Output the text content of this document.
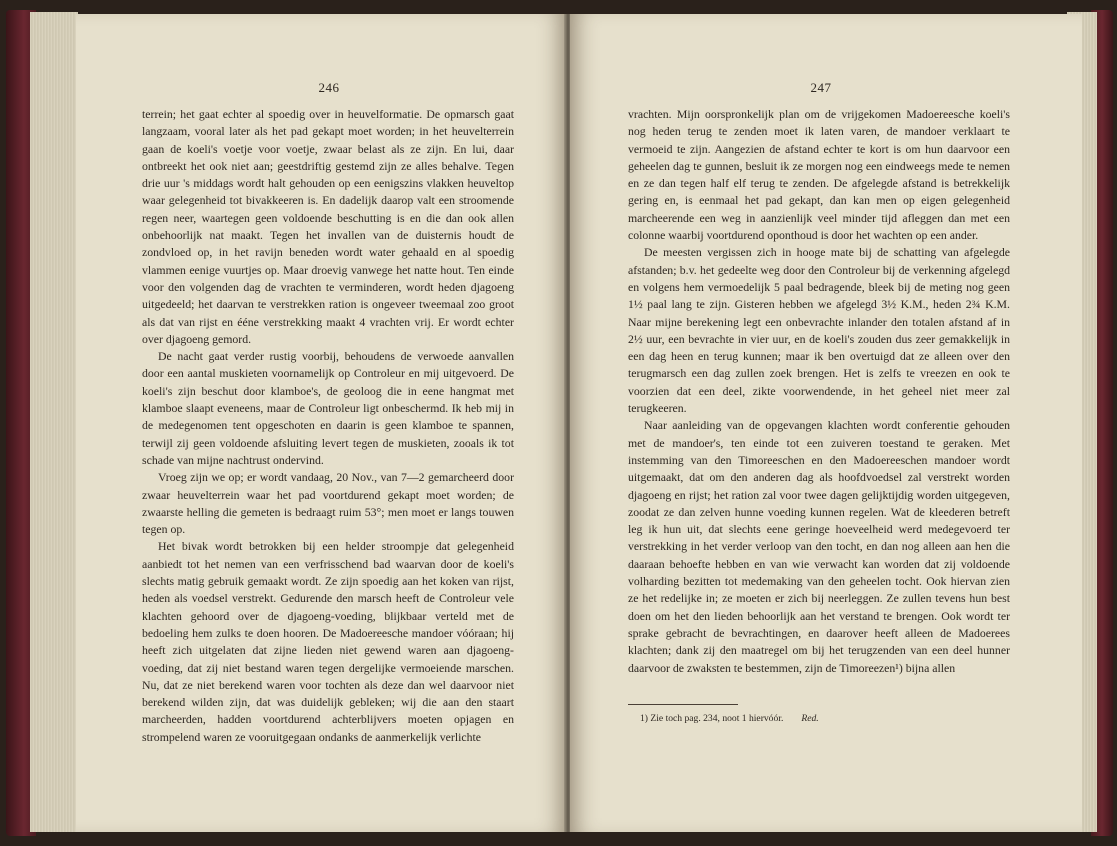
246

terrein; het gaat echter al spoedig over in heuvelformatie. De opmarsch gaat langzaam, vooral later als het pad gekapt moet worden; in het heuvelterrein gaan de koeli's voetje voor voetje, zwaar belast als ze zijn. En lui, daar ontbreekt het ook niet aan; geestdriftig gestemd zijn ze alles behalve. Tegen drie uur 's middags wordt halt gehouden op een eenigszins vlakken heuveltop waar gelegenheid tot bivakkeeren is. En dadelijk daarop valt een stroomende regen neer, waartegen geen voldoende beschutting is en die dan ook allen onbehoorlijk nat maakt. Tegen het invallen van de duisternis houdt de zondvloed op, in het ravijn beneden wordt water gehaald en al spoedig vlammen eenige vuurtjes op. Maar droevig vanwege het natte hout. Ten einde voor den volgenden dag de vrachten te verminderen, wordt heden djagoeng uitgedeeld; het daarvan te verstrekken ration is ongeveer tweemaal zoo groot als dat van rijst en ééne verstrekking maakt 4 vrachten vrij. Er wordt echter over djagoeng gemord.

De nacht gaat verder rustig voorbij, behoudens de verwoede aanvallen door een aantal muskieten voornamelijk op Controleur en mij uitgevoerd. De koeli's zijn beschut door klamboe's, de geoloog die in eene hangmat met klamboe slaapt eveneens, maar de Controleur ligt onbeschermd. Ik heb mij in de medegenomen tent opgeschoten en daarin is geen klamboe te spannen, terwijl zij geen voldoende afsluiting levert tegen de muskieten, zooals ik tot schade van mijne nachtrust ondervind.

Vroeg zijn we op; er wordt vandaag, 20 Nov., van 7—2 gemarcheerd door zwaar heuvelterrein waar het pad voortdurend gekapt moet worden; de zwaarste helling die gemeten is bedraagt ruim 53°; men moet er langs touwen tegen op.

Het bivak wordt betrokken bij een helder stroompje dat gelegenheid aanbiedt tot het nemen van een verfrisschend bad waarvan door de koeli's slechts matig gebruik gemaakt wordt. Ze zijn spoedig aan het koken van rijst, heden als voedsel verstrekt. Gedurende den marsch heeft de Controleur vele klachten gehoord over de djagoeng-voeding, blijkbaar verteld met de bedoeling hem zulks te doen hooren. De Madoereesche mandoer vóóraan; hij heeft zich uitgelaten dat zijne lieden niet gewend waren aan djagoeng-voeding, dat zij niet bestand waren tegen dergelijke vermoeiende marschen. Nu, dat ze niet berekend waren voor tochten als deze dan wel daarvoor niet berekend wilden zijn, dat was duidelijk gebleken; wij die aan den staart marcheerden, hadden voortdurend achterblijvers moeten opjagen en strompelend waren ze vooruitgegaan ondanks de aanmerkelijk verlichte

247

vrachten. Mijn oorspronkelijk plan om de vrijgekomen Madoereesche koeli's nog heden terug te zenden moet ik laten varen, de mandoer verklaart te vermoeid te zijn. Aangezien de afstand echter te kort is om hun daarvoor een geheelen dag te gunnen, besluit ik ze morgen nog een eindweegs mede te nemen en ze dan tegen half elf terug te zenden. De afgelegde afstand is betrekkelijk gering en, is eenmaal het pad gekapt, dan kan men op eigen gelegenheid marcheerende een weg in aanzienlijk veel minder tijd afleggen dan met een colonne waarbij voortdurend oponthoud is door het wachten op een ander.

De meesten vergissen zich in hooge mate bij de schatting van afgelegde afstanden; b.v. het gedeelte weg door den Controleur bij de verkenning afgelegd en volgens hem vermoedelijk 5 paal bedragende, bleek bij de meting nog geen 1½ paal lang te zijn. Gisteren hebben we afgelegd 3½ K.M., heden 2¾ K.M. Naar mijne berekening legt een onbevrachte inlander den totalen afstand af in 2½ uur, een bevrachte in vier uur, en de koeli's zouden dus zeer gemakkelijk in een dag heen en terug kunnen; maar ik ben overtuigd dat ze alleen over den terugmarsch een dag zullen zoek brengen. Het is zelfs te vreezen en ook te voorzien dat een deel, zikte voorwendende, in het geheel niet meer zal terugkeeren.

Naar aanleiding van de opgevangen klachten wordt conferentie gehouden met de mandoer's, ten einde tot een zuiveren toestand te geraken. Met instemming van den Timoreeschen en den Madoereeschen mandoer wordt uitgemaakt, dat om den anderen dag als hoofdvoedsel zal verstrekt worden djagoeng en rijst; het ration zal voor twee dagen gelijktijdig worden uitgegeven, zoodat ze dan zelven hunne voeding kunnen regelen. Wat de kleederen betreft leg ik hun uit, dat slechts eene geringe hoeveelheid werd medegevoerd ter verstrekking in het verder verloop van den tocht, en dan nog alleen aan hen die daaraan behoefte hebben en van wie verwacht kan worden dat zij voldoende volharding bezitten tot medemaking van den geheelen tocht. Ook hiervan zien ze het redelijke in; ze moeten er zich bij neerleggen. Ze zullen tevens hun best doen om het den lieden behoorlijk aan het verstand te brengen. Ook wordt ter sprake gebracht de bevrachtingen, en daarover heeft alleen de Madoerees klachten; dank zij den maatregel om bij het terugzenden van een deel hunner daarvoor de zwaksten te bestemmen, zijn de Timoreezen¹) bijna allen

1) Zie toch pag. 234, noot 1 hiervóór. Red.
